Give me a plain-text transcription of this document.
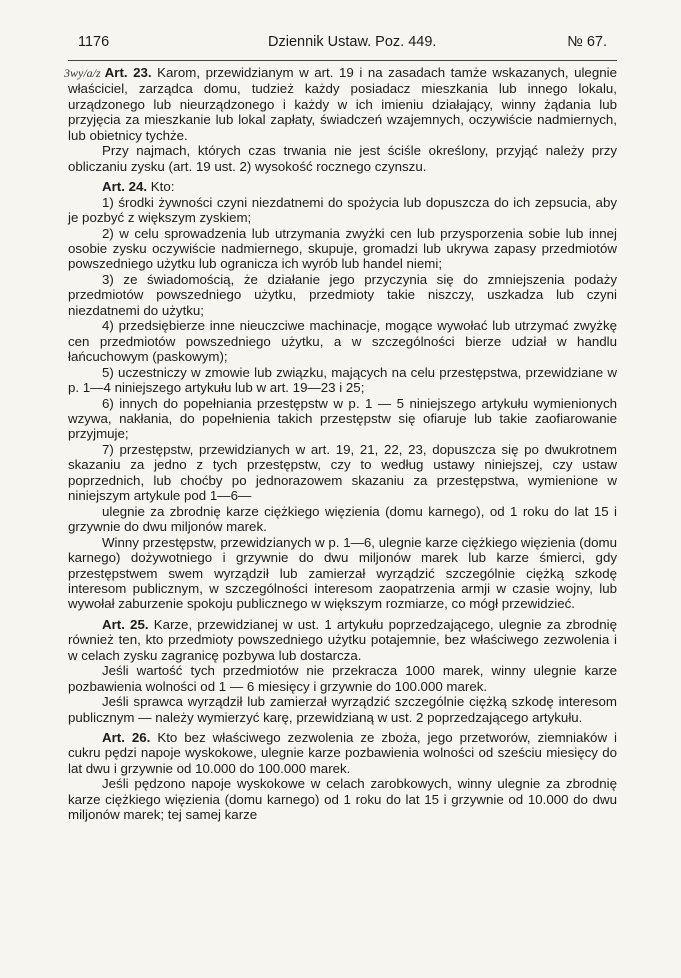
1176	Dziennik Ustaw. Poz. 449.	№ 67.

3wy/a/z Art. 23. Karom, przewidzianym w art. 19 i na zasadach tamże wskazanych, ulegnie właściciel, zarządca domu, tudzież każdy posiadacz mieszkania lub innego lokalu, urządzonego lub nieurządzonego i każdy w ich imieniu działający, winny żądania lub przyjęcia za mieszkanie lub lokal zapłaty, świadczeń wzajemnych, oczywiście nadmiernych, lub obietnicy tychże.

Przy najmach, których czas trwania nie jest ściśle określony, przyjąć należy przy obliczaniu zysku (art. 19 ust. 2) wysokość rocznego czynszu.

Art. 24. Kto:

1) środki żywności czyni niezdatnemi do spożycia lub dopuszcza do ich zepsucia, aby je pozbyć z większym zyskiem;

2) w celu sprowadzenia lub utrzymania zwyżki cen lub przysporzenia sobie lub innej osobie zysku oczywiście nadmiernego, skupuje, gromadzi lub ukrywa zapasy przedmiotów powszedniego użytku lub ogranicza ich wyrób lub handel niemi;

3) ze świadomością, że działanie jego przyczynia się do zmniejszenia podaży przedmiotów powszedniego użytku, przedmioty takie niszczy, uszkadza lub czyni niezdatnemi do użytku;

4) przedsiębierze inne nieuczciwe machinacje, mogące wywołać lub utrzymać zwyżkę cen przedmiotów powszedniego użytku, a w szczególności bierze udział w handlu łańcuchowym (paskowym);

5) uczestniczy w zmowie lub związku, mających na celu przestępstwa, przewidziane w p. 1—4 niniejszego artykułu lub w art. 19—23 i 25;

6) innych do popełniania przestępstw w p. 1 — 5 niniejszego artykułu wymienionych wzywa, nakłania, do popełnienia takich przestępstw się ofiaruje lub takie zaofiarowanie przyjmuje;

7) przestępstw, przewidzianych w art. 19, 21, 22, 23, dopuszcza się po dwukrotnem skazaniu za jedno z tych przestępstw, czy to według ustawy niniejszej, czy ustaw poprzednich, lub choćby po jednorazowem skazaniu za przestępstwa, wymienione w niniejszym artykule pod 1—6—

ulegnie za zbrodnię karze ciężkiego więzienia (domu karnego), od 1 roku do lat 15 i grzywnie do dwu miljonów marek.

Winny przestępstw, przewidzianych w p. 1—6, ulegnie karze ciężkiego więzienia (domu karnego) dożywotniego i grzywnie do dwu miljonów marek lub karze śmierci, gdy przestępstwem swem wyrządził lub zamierzał wyrządzić szczególnie ciężką szkodę interesom publicznym, w szczególności interesom zaopatrzenia armji w czasie wojny, lub wywołał zaburzenie spokoju publicznego w większym rozmiarze, co mógł przewidzieć.

Art. 25. Karze, przewidzianej w ust. 1 artykułu poprzedzającego, ulegnie za zbrodnię również ten, kto przedmioty powszedniego użytku potajemnie, bez właściwego zezwolenia i w celach zysku zagranicę pozbywa lub dostarcza.

Jeśli wartość tych przedmiotów nie przekracza 1000 marek, winny ulegnie karze pozbawienia wolności od 1 — 6 miesięcy i grzywnie do 100.000 marek.

Jeśli sprawca wyrządził lub zamierzał wyrządzić szczególnie ciężką szkodę interesom publicznym — należy wymierzyć karę, przewidzianą w ust. 2 poprzedzającego artykułu.

Art. 26. Kto bez właściwego zezwolenia ze zboża, jego przetworów, ziemniaków i cukru pędzi napoje wyskokowe, ulegnie karze pozbawienia wolności od sześciu miesięcy do lat dwu i grzywnie od 10.000 do 100.000 marek.

Jeśli pędzono napoje wyskokowe w celach zarobkowych, winny ulegnie za zbrodnię karze ciężkiego więzienia (domu karnego) od 1 roku do lat 15 i grzywnie od 10.000 do dwu miljonów marek; tej samej karze
